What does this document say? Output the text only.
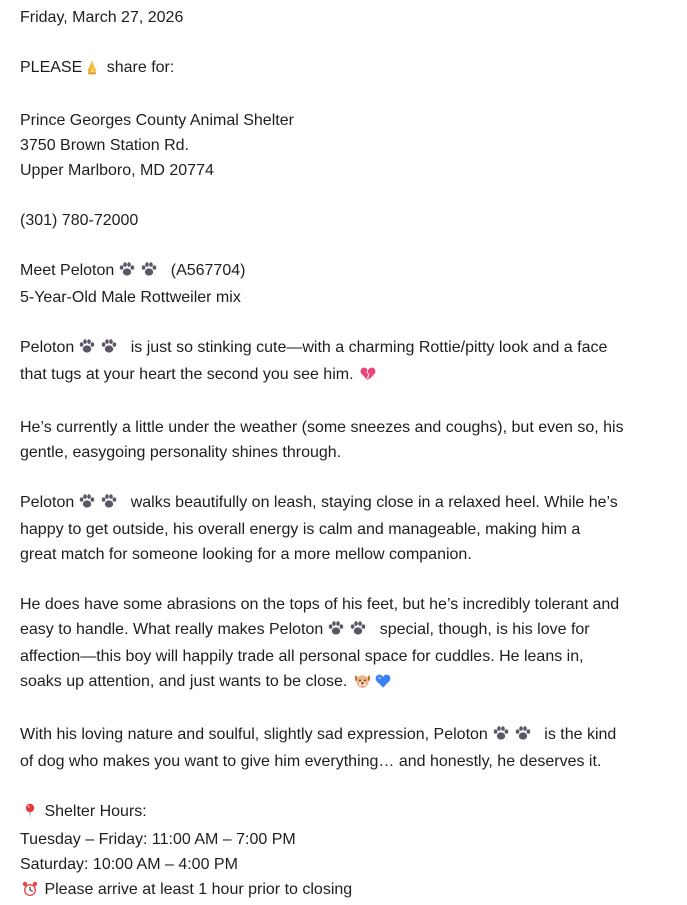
Friday, March 27, 2026
PLEASE share for:
Prince Georges County Animal Shelter
3750 Brown Station Rd.
Upper Marlboro, MD 20774
(301) 780-72000
Meet Peloton	(A567704)
5-Year-Old Male Rottweiler mix
Peloton	is just so stinking cute—with a charming Rottie/pitty look and a face
that tugs at your heart the second you see him.
He’s currently a little under the weather (some sneezes and coughs), but even so, his
gentle, easygoing personality shines through.
Peloton	walks beautifully on leash, staying close in a relaxed heel. While he’s
happy to get outside, his overall energy is calm and manageable, making him a
great match for someone looking for a more mellow companion.
He does have some abrasions on the tops of his feet, but he’s incredibly tolerant and
easy to handle. What really makes Peloton	special, though, is his love for
affection—this boy will happily trade all personal space for cuddles. He leans in,
soaks up attention, and just wants to be close.
With his loving nature and soulful, slightly sad expression, Peloton	is the kind
of dog who makes you want to give him everything… and honestly, he deserves it.
Shelter Hours:
Tuesday – Friday: 11:00 AM – 7:00 PM
Saturday: 10:00 AM – 4:00 PM
Please arrive at least 1 hour prior to closing
